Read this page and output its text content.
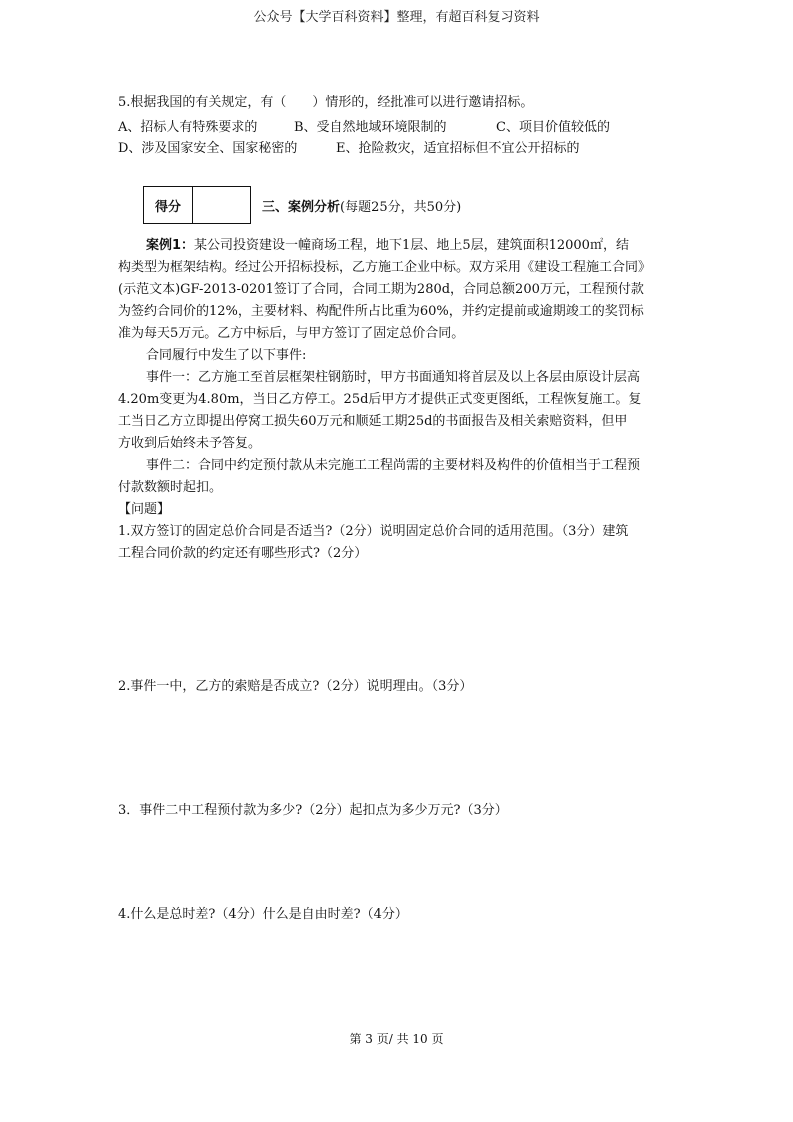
公众号【大学百科资料】整理，有超百科复习资料
5.根据我国的有关规定，有（　　）情形的，经批准可以进行邀请招标。
A、招标人有特殊要求的	B、受自然地域环境限制的	C、项目价值较低的
D、涉及国家安全、国家秘密的	E、抢险救灾，适宜招标但不宜公开招标的
得分	三、案例分析(每题25分，共50分)
案例1：某公司投资建设一幢商场工程，地下1层、地上5层，建筑面积12000㎡，结
构类型为框架结构。经过公开招标投标，乙方施工企业中标。双方采用《建设工程施工合同》
(示范文本)GF-2013-0201签订了合同，合同工期为280d，合同总额200万元，工程预付款
为签约合同价的12%，主要材料、构配件所占比重为60%，并约定提前或逾期竣工的奖罚标
准为每天5万元。乙方中标后，与甲方签订了固定总价合同。
合同履行中发生了以下事件:
事件一：乙方施工至首层框架柱钢筋时，甲方书面通知将首层及以上各层由原设计层高
4.20m变更为4.80m，当日乙方停工。25d后甲方才提供正式变更图纸，工程恢复施工。复
工当日乙方立即提出停窝工损失60万元和顺延工期25d的书面报告及相关索赔资料，但甲
方收到后始终未予答复。
事件二：合同中约定预付款从未完施工工程尚需的主要材料及构件的价值相当于工程预
付款数额时起扣。
【问题】
1.双方签订的固定总价合同是否适当?（2分）说明固定总价合同的适用范围。（3分）建筑
工程合同价款的约定还有哪些形式?（2分）
2.事件一中，乙方的索赔是否成立?（2分）说明理由。（3分）
3．事件二中工程预付款为多少?（2分）起扣点为多少万元?（3分）
4.什么是总时差?（4分）什么是自由时差?（4分）
第 3 页/ 共 10 页
